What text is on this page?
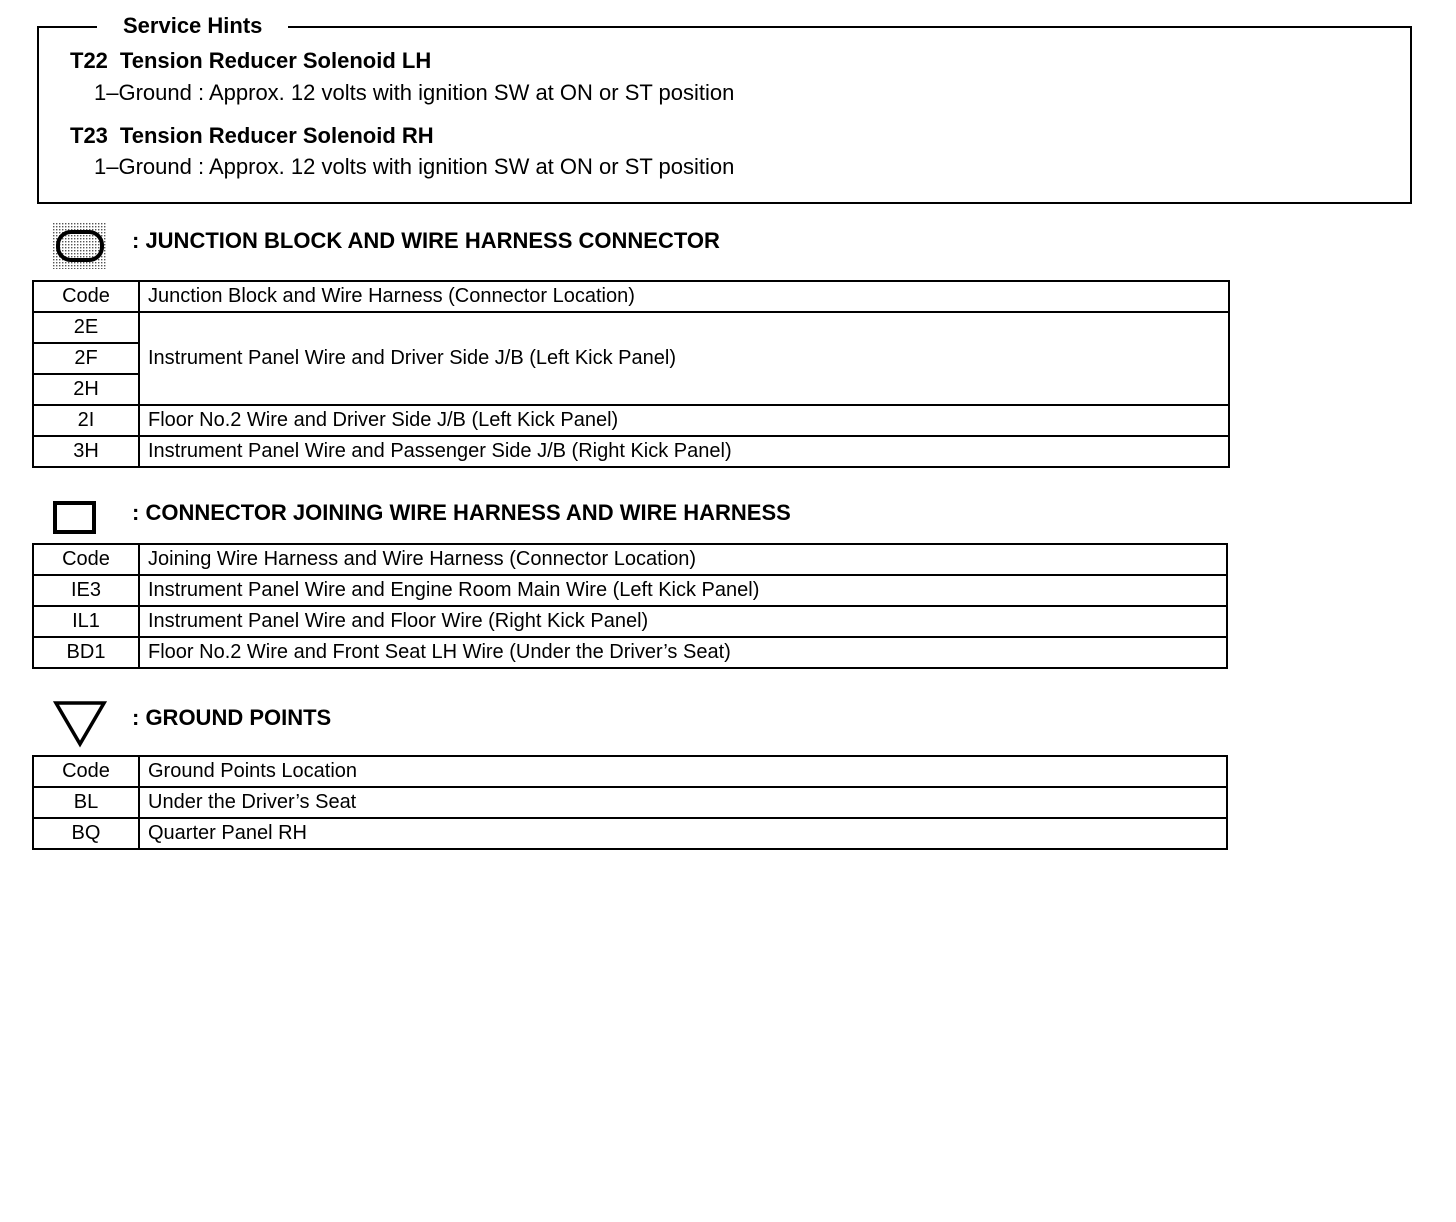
Service Hints
T22 Tension Reducer Solenoid LH
1–Ground : Approx. 12 volts with ignition SW at ON or ST position
T23 Tension Reducer Solenoid RH
1–Ground : Approx. 12 volts with ignition SW at ON or ST position
: JUNCTION BLOCK AND WIRE HARNESS CONNECTOR
Code	Junction Block and Wire Harness (Connector Location)
2E	Instrument Panel Wire and Driver Side J/B (Left Kick Panel)
2F	
2H	
2I	Floor No.2 Wire and Driver Side J/B (Left Kick Panel)
3H	Instrument Panel Wire and Passenger Side J/B (Right Kick Panel)
: CONNECTOR JOINING WIRE HARNESS AND WIRE HARNESS
Code	Joining Wire Harness and Wire Harness (Connector Location)
IE3	Instrument Panel Wire and Engine Room Main Wire (Left Kick Panel)
IL1	Instrument Panel Wire and Floor Wire (Right Kick Panel)
BD1	Floor No.2 Wire and Front Seat LH Wire (Under the Driver’s Seat)
: GROUND POINTS
Code	Ground Points Location
BL	Under the Driver’s Seat
BQ	Quarter Panel RH
